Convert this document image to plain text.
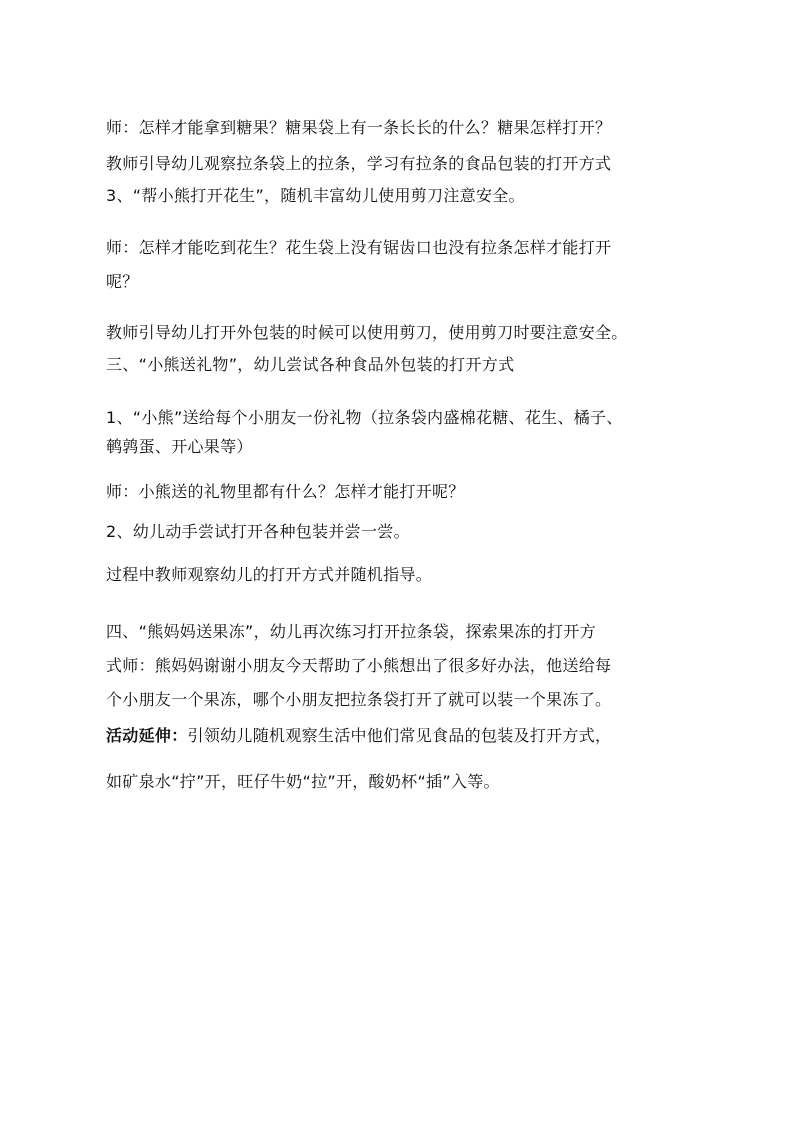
师：怎样才能拿到糖果？糖果袋上有一条长长的什么？糖果怎样打开？

教师引导幼儿观察拉条袋上的拉条，学习有拉条的食品包装的打开方式

3、“帮小熊打开花生”，随机丰富幼儿使用剪刀注意安全。

师：怎样才能吃到花生？花生袋上没有锯齿口也没有拉条怎样才能打开

呢？

教师引导幼儿打开外包装的时候可以使用剪刀，使用剪刀时要注意安全。

三、“小熊送礼物”，幼儿尝试各种食品外包装的打开方式

1、“小熊”送给每个小朋友一份礼物（拉条袋内盛棉花糖、花生、橘子、

鹌鹑蛋、开心果等）

师：小熊送的礼物里都有什么？怎样才能打开呢？

2、幼儿动手尝试打开各种包装并尝一尝。

过程中教师观察幼儿的打开方式并随机指导。

四、“熊妈妈送果冻”，幼儿再次练习打开拉条袋，探索果冻的打开方

式师：熊妈妈谢谢小朋友今天帮助了小熊想出了很多好办法，他送给每

个小朋友一个果冻，哪个小朋友把拉条袋打开了就可以装一个果冻了。

活动延伸：引领幼儿随机观察生活中他们常见食品的包装及打开方式，

如矿泉水“拧”开，旺仔牛奶“拉”开，酸奶杯“插”入等。
